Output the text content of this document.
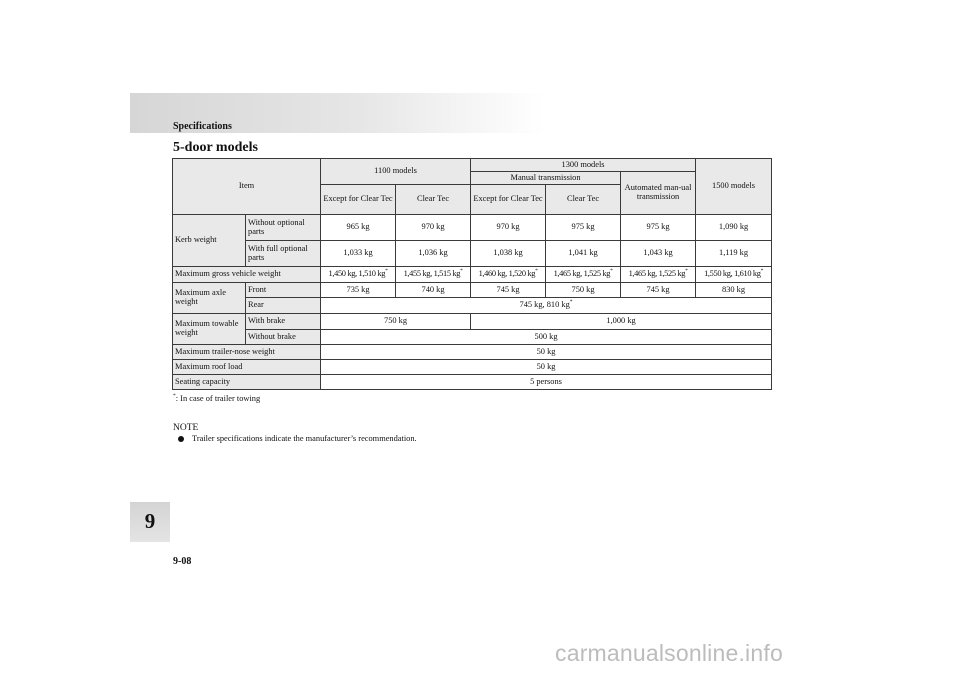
Specifications
5-door models
Item		1100 models		1300 models			1500 models
				Manual transmission		Automated man-ual transmission	
		Except for Clear Tec	Clear Tec	Except for Clear Tec	Clear Tec		
Kerb weight	Without optional parts	965 kg	970 kg	970 kg	975 kg	975 kg	1,090 kg
	With full optional parts	1,033 kg	1,036 kg	1,038 kg	1,041 kg	1,043 kg	1,119 kg
Maximum gross vehicle weight		1,450 kg, 1,510 kg*	1,455 kg, 1,515 kg*	1,460 kg, 1,520 kg*	1,465 kg, 1,525 kg*	1,465 kg, 1,525 kg*	1,550 kg, 1,610 kg*
Maximum axle weight	Front	735 kg	740 kg	745 kg	750 kg	745 kg	830 kg
	Rear	745 kg, 810 kg*
Maximum towable weight	With brake	750 kg		1,000 kg			
	Without brake	500 kg					
Maximum trailer-nose weight		50 kg					
Maximum roof load		50 kg					
Seating capacity		5 persons					
*: In case of trailer towing
NOTE
Trailer specifications indicate the manufacturer’s recommendation.
9
9-08
carmanualsonline.info
